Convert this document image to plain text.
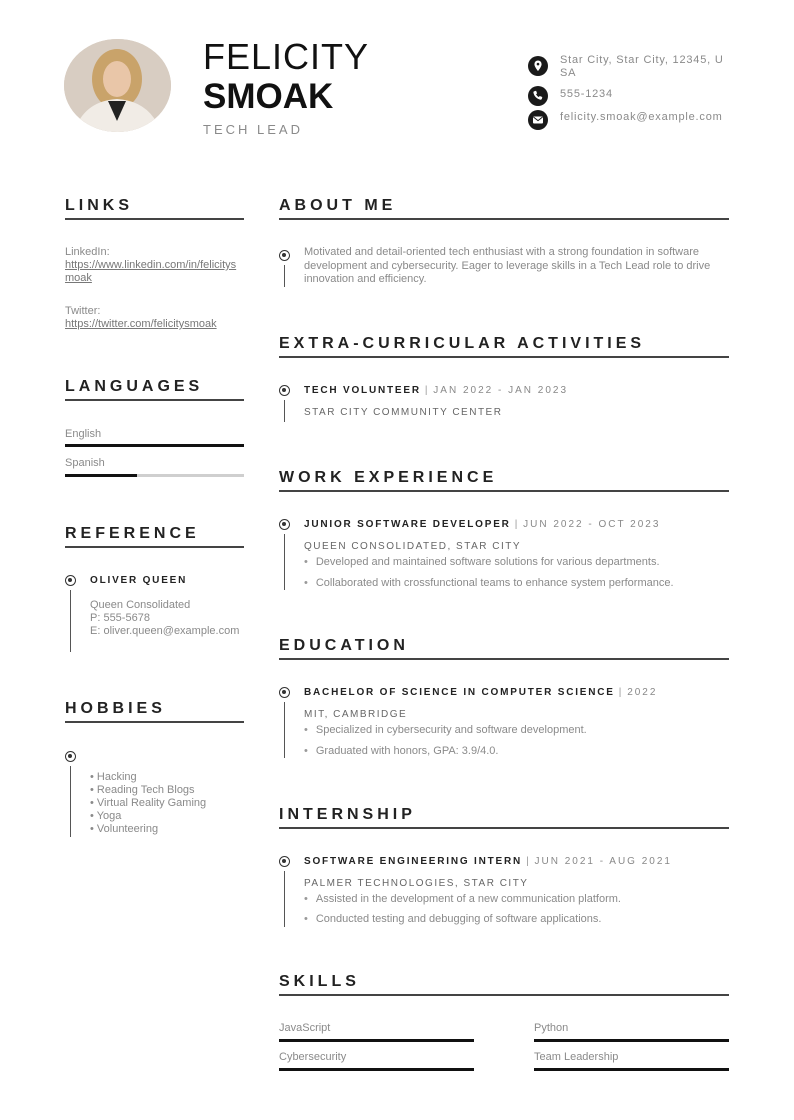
FELICITY
SMOAK
TECH LEAD
Star City, Star City, 12345, USA
555-1234
felicity.smoak@example.com
LINKS
LinkedIn:
https://www.linkedin.com/in/felicitysmoak
Twitter:
https://twitter.com/felicitysmoak
LANGUAGES
English
Spanish
REFERENCE
OLIVER QUEEN
Queen Consolidated
P: 555-5678
E: oliver.queen@example.com
HOBBIES
• Hacking
• Reading Tech Blogs
• Virtual Reality Gaming
• Yoga
• Volunteering
ABOUT ME
Motivated and detail-oriented tech enthusiast with a strong foundation in software development and cybersecurity. Eager to leverage skills in a Tech Lead role to drive innovation and efficiency.
EXTRA-CURRICULAR ACTIVITIES
TECH VOLUNTEER | JAN 2022 - JAN 2023
STAR CITY COMMUNITY CENTER
WORK EXPERIENCE
JUNIOR SOFTWARE DEVELOPER | JUN 2022 - OCT 2023
QUEEN CONSOLIDATED, STAR CITY
• Developed and maintained software solutions for various departments.
• Collaborated with crossfunctional teams to enhance system performance.
EDUCATION
BACHELOR OF SCIENCE IN COMPUTER SCIENCE | 2022
MIT, CAMBRIDGE
• Specialized in cybersecurity and software development.
• Graduated with honors, GPA: 3.9/4.0.
INTERNSHIP
SOFTWARE ENGINEERING INTERN | JUN 2021 - AUG 2021
PALMER TECHNOLOGIES, STAR CITY
• Assisted in the development of a new communication platform.
• Conducted testing and debugging of software applications.
SKILLS
JavaScript	Python
Cybersecurity	Team Leadership
